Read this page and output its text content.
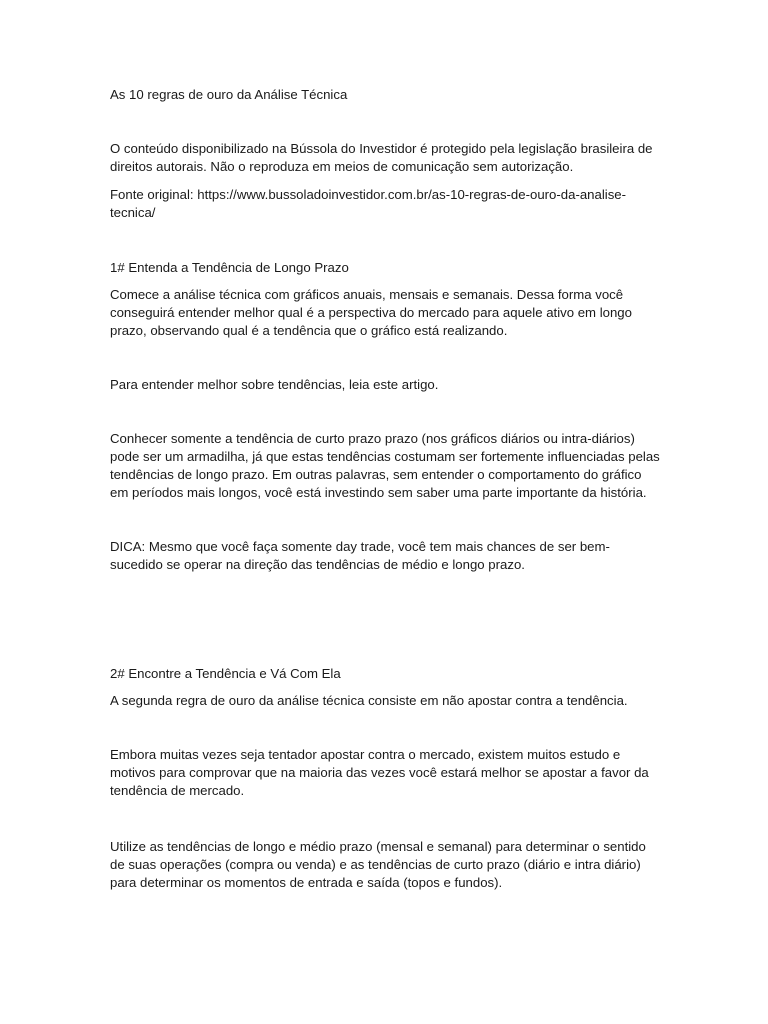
As 10 regras de ouro da Análise Técnica

O conteúdo disponibilizado na Bússola do Investidor é protegido pela legislação brasileira de direitos autorais. Não o reproduza em meios de comunicação sem autorização.

Fonte original: https://www.bussoladoinvestidor.com.br/as-10-regras-de-ouro-da-analise-tecnica/

1# Entenda a Tendência de Longo Prazo

Comece a análise técnica com gráficos anuais, mensais e semanais. Dessa forma você conseguirá entender melhor qual é a perspectiva do mercado para aquele ativo em longo prazo, observando qual é a tendência que o gráfico está realizando.

Para entender melhor sobre tendências, leia este artigo.

Conhecer somente a tendência de curto prazo prazo (nos gráficos diários ou intra-diários) pode ser um armadilha, já que estas tendências costumam ser fortemente influenciadas pelas tendências de longo prazo. Em outras palavras, sem entender o comportamento do gráfico em períodos mais longos, você está investindo sem saber uma parte importante da história.

DICA: Mesmo que você faça somente day trade, você tem mais chances de ser bem-sucedido se operar na direção das tendências de médio e longo prazo.

2# Encontre a Tendência e Vá Com Ela

A segunda regra de ouro da análise técnica consiste em não apostar contra a tendência.

Embora muitas vezes seja tentador apostar contra o mercado, existem muitos estudo e motivos para comprovar que na maioria das vezes você estará melhor se apostar a favor da tendência de mercado.

Utilize as tendências de longo e médio prazo (mensal e semanal) para determinar o sentido de suas operações (compra ou venda) e as tendências de curto prazo (diário e intra diário) para determinar os momentos de entrada e saída (topos e fundos).
